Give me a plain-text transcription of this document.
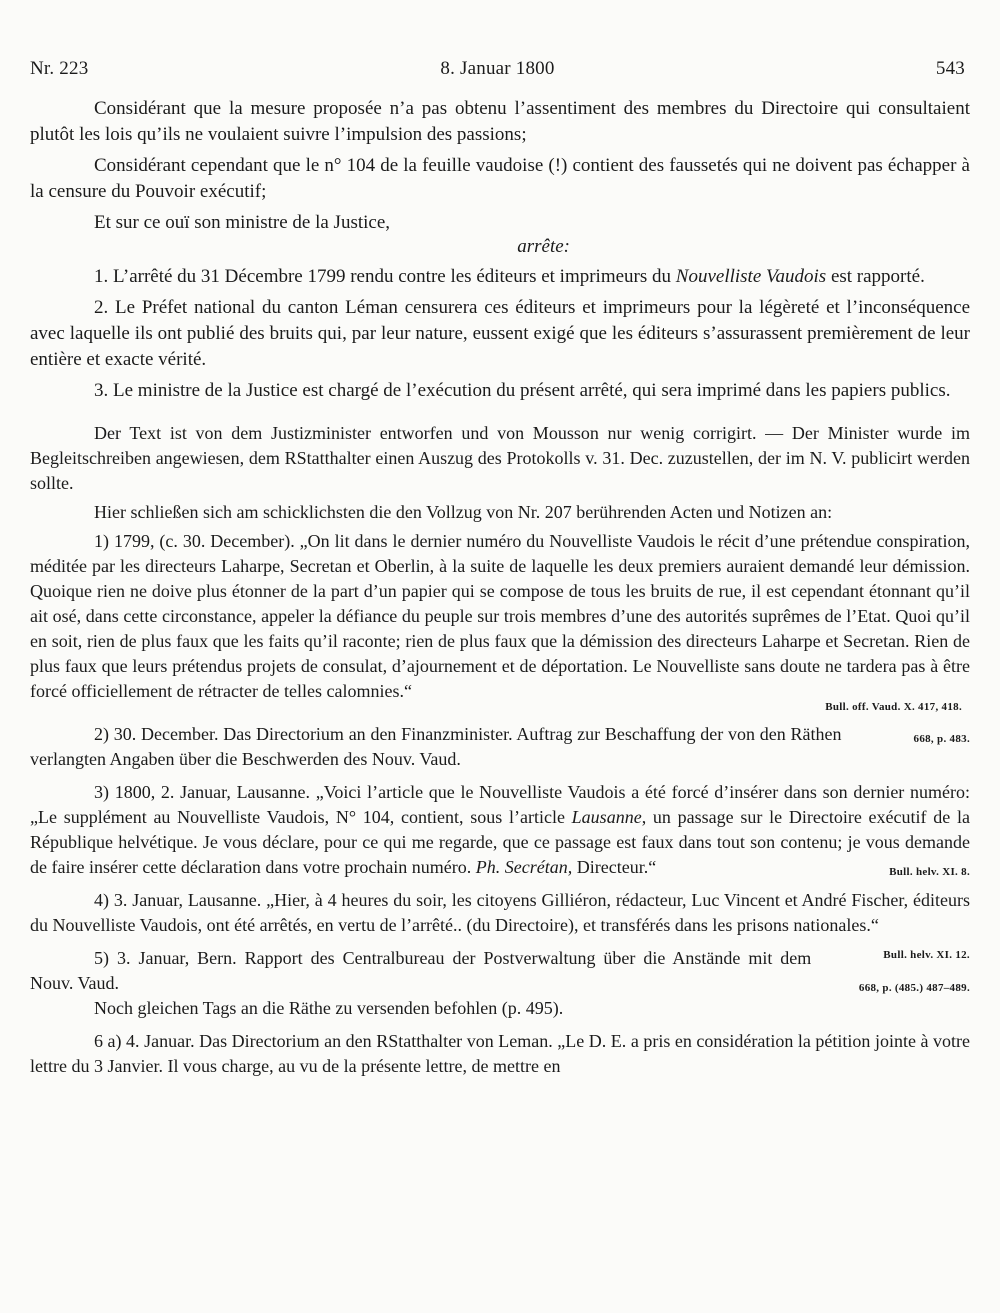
Nr. 223	8. Januar 1800	543

Considérant que la mesure proposée n’a pas obtenu l’assentiment des membres du Directoire qui consultaient plutôt les lois qu’ils ne voulaient suivre l’impulsion des passions;

Considérant cependant que le n° 104 de la feuille vaudoise (!) contient des faussetés qui ne doivent pas échapper à la censure du Pouvoir exécutif;

Et sur ce ouï son ministre de la Justice,

arrête:

1. L’arrêté du 31 Décembre 1799 rendu contre les éditeurs et imprimeurs du Nouvelliste Vaudois est rapporté.

2. Le Préfet national du canton Léman censurera ces éditeurs et imprimeurs pour la légèreté et l’inconséquence avec laquelle ils ont publié des bruits qui, par leur nature, eussent exigé que les éditeurs s’assurassent premièrement de leur entière et exacte vérité.

3. Le ministre de la Justice est chargé de l’exécution du présent arrêté, qui sera imprimé dans les papiers publics.

Der Text ist von dem Justizminister entworfen und von Mousson nur wenig corrigirt. — Der Minister wurde im Begleitschreiben angewiesen, dem RStatthalter einen Auszug des Protokolls v. 31. Dec. zuzustellen, der im N. V. publicirt werden sollte.

Hier schließen sich am schicklichsten die den Vollzug von Nr. 207 berührenden Acten und Notizen an:

1) 1799, (c. 30. December). „On lit dans le dernier numéro du Nouvelliste Vaudois le récit d’une prétendue conspiration, méditée par les directeurs Laharpe, Secretan et Oberlin, à la suite de laquelle les deux premiers auraient demandé leur démission. Quoique rien ne doive plus étonner de la part d’un papier qui se compose de tous les bruits de rue, il est cependant étonnant qu’il ait osé, dans cette circonstance, appeler la défiance du peuple sur trois membres d’une des autorités suprêmes de l’Etat. Quoi qu’il en soit, rien de plus faux que les faits qu’il raconte; rien de plus faux que la démission des directeurs Laharpe et Secretan. Rien de plus faux que leurs prétendus projets de consulat, d’ajournement et de déportation. Le Nouvelliste sans doute ne tardera pas à être forcé officiellement de rétracter de telles calomnies.“

Bull. off. Vaud. X. 417, 418.

668, p. 483.
2) 30. December. Das Directorium an den Finanzminister. Auftrag zur Beschaffung der von den Räthen verlangten Angaben über die Beschwerden des Nouv. Vaud.

3) 1800, 2. Januar, Lausanne. „Voici l’article que le Nouvelliste Vaudois a été forcé d’insérer dans son dernier numéro: „Le supplément au Nouvelliste Vaudois, N° 104, contient, sous l’article Lausanne, un passage sur le Directoire exécutif de la République helvétique. Je vous déclare, pour ce qui me regarde, que ce passage est faux dans tout son contenu; je vous demande de faire insérer cette déclaration dans votre prochain numéro. Ph. Secrétan, Directeur.“	Bull. helv. XI. 8.

4) 3. Januar, Lausanne. „Hier, à 4 heures du soir, les citoyens Gilliéron, rédacteur, Luc Vincent et André Fischer, éditeurs du Nouvelliste Vaudois, ont été arrêtés, en vertu de l’arrêté.. (du Directoire), et transférés dans les prisons nationales.“
Bull. helv. XI. 12.

5) 3. Januar, Bern. Rapport des Centralbureau der Postverwaltung über die Anstände mit dem Nouv. Vaud.	668, p. (485.) 487–489.

Noch gleichen Tags an die Räthe zu versenden befohlen (p. 495).

6 a) 4. Januar. Das Directorium an den RStatthalter von Leman. „Le D. E. a pris en considération la pétition jointe à votre lettre du 3 Janvier. Il vous charge, au vu de la présente lettre, de mettre en
